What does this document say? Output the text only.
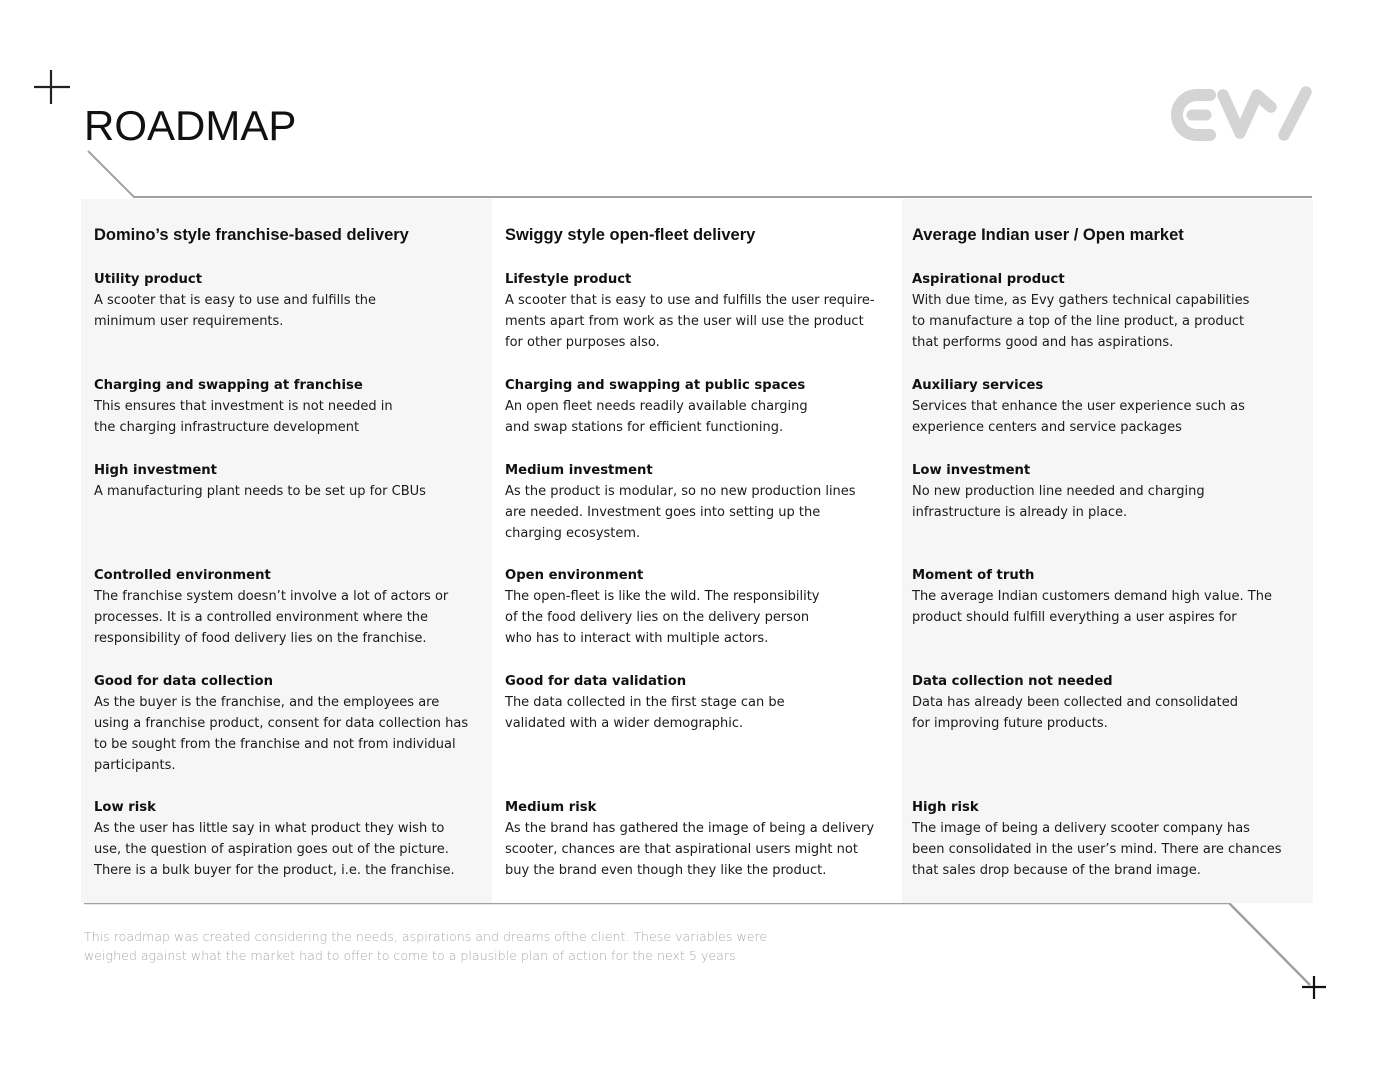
ROADMAP
Domino’s style franchise-based delivery
Utility product
A scooter that is easy to use and fulfills the
minimum user requirements.
Charging and swapping at franchise
This ensures that investment is not needed in
the charging infrastructure development
High investment
A manufacturing plant needs to be set up for CBUs
Controlled environment
The franchise system doesn’t involve a lot of actors or
processes. It is a controlled environment where the
responsibility of food delivery lies on the franchise.
Good for data collection
As the buyer is the franchise, and the employees are
using a franchise product, consent for data collection has
to be sought from the franchise and not from individual
participants.
Low risk
As the user has little say in what product they wish to
use, the question of aspiration goes out of the picture.
There is a bulk buyer for the product, i.e. the franchise.
Swiggy style open-fleet delivery
Lifestyle product
A scooter that is easy to use and fulfills the user require-
ments apart from work as the user will use the product
for other purposes also.
Charging and swapping at public spaces
An open fleet needs readily available charging
and swap stations for efficient functioning.
Medium investment
As the product is modular, so no new production lines
are needed. Investment goes into setting up the
charging ecosystem.
Open environment
The open-fleet is like the wild. The responsibility
of the food delivery lies on the delivery person
who has to interact with multiple actors.
Good for data validation
The data collected in the first stage can be
validated with a wider demographic.
Medium risk
As the brand has gathered the image of being a delivery
scooter, chances are that aspirational users might not
buy the brand even though they like the product.
Average Indian user / Open market
Aspirational product
With due time, as Evy gathers technical capabilities
to manufacture a top of the line product, a product
that performs good and has aspirations.
Auxiliary services
Services that enhance the user experience such as
experience centers and service packages
Low investment
No new production line needed and charging
infrastructure is already in place.
Moment of truth
The average Indian customers demand high value. The
product should fulfill everything a user aspires for
Data collection not needed
Data has already been collected and consolidated
for improving future products.
High risk
The image of being a delivery scooter company has
been consolidated in the user’s mind. There are chances
that sales drop because of the brand image.
This roadmap was created considering the needs, aspirations and dreams ofthe client. These variables were
weighed against what the market had to offer to come to a plausible plan of action for the next 5 years
